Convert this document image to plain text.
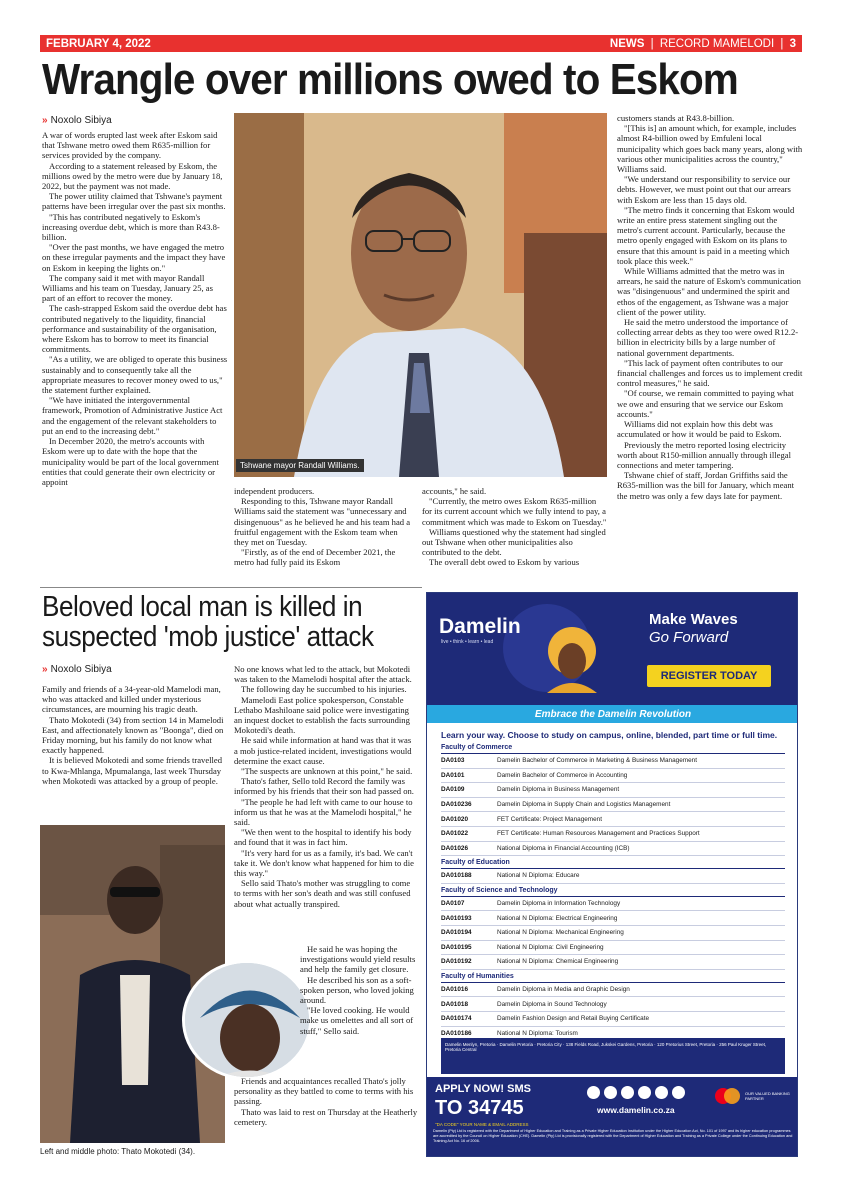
FEBRUARY 4, 2022	NEWS | RECORD MAMELODI | 3
Wrangle over millions owed to Eskom
» Noxolo Sibiya

A war of words erupted last week after Eskom said that Tshwane metro owed them R635-million for services provided by the company.

According to a statement released by Eskom, the millions owed by the metro were due by January 18, 2022, but the payment was not made.

The power utility claimed that Tshwane's payment patterns have been irregular over the past six months.

"This has contributed negatively to Eskom's increasing overdue debt, which is more than R43.8-billion.

"Over the past months, we have engaged the metro on these irregular payments and the impact they have on Eskom in keeping the lights on."

The company said it met with mayor Randall Williams and his team on Tuesday, January 25, as part of an effort to recover the money.

The cash-strapped Eskom said the overdue debt has contributed negatively to the liquidity, financial performance and sustainability of the organisation, where Eskom has to borrow to meet its financial commitments.

"As a utility, we are obliged to operate this business sustainably and to consequently take all the appropriate measures to recover money owed to us," the statement further explained.

"We have initiated the intergovernmental framework, Promotion of Administrative Justice Act and the engagement of the relevant stakeholders to put an end to the increasing debt."

In December 2020, the metro's accounts with Eskom were up to date with the hope that the municipality would be part of the local government entities that could generate their own electricity or appoint

Tshwane mayor Randall Williams.

independent producers.

Responding to this, Tshwane mayor Randall Williams said the statement was "unnecessary and disingenuous" as he believed he and his team had a fruitful engagement with the Eskom team when they met on Tuesday.

"Firstly, as of the end of December 2021, the metro had fully paid its Eskom

accounts," he said.

"Currently, the metro owes Eskom R635-million for its current account which we fully intend to pay, a commitment which was made to Eskom on Tuesday."

Williams questioned why the statement had singled out Tshwane when other municipalities also contributed to the debt.

The overall debt owed to Eskom by various

customers stands at R43.8-billion.

"[This is] an amount which, for example, includes almost R4-billion owed by Emfuleni local municipality which goes back many years, along with various other municipalities across the country," Williams said.

"We understand our responsibility to service our debts. However, we must point out that our arrears with Eskom are less than 15 days old.

"The metro finds it concerning that Eskom would write an entire press statement singling out the metro's current account. Particularly, because the metro openly engaged with Eskom on its plans to ensure that this amount is paid in a meeting which took place this week."

While Williams admitted that the metro was in arrears, he said the nature of Eskom's communication was "disingenuous" and undermined the spirit and ethos of the engagement, as Tshwane was a major client of the power utility.

He said the metro understood the importance of collecting arrear debts as they too were owed R12.2-billion in electricity bills by a large number of national government departments.

"This lack of payment often contributes to our financial challenges and forces us to implement credit control measures," he said.

"Of course, we remain committed to paying what we owe and ensuring that we service our Eskom accounts."

Williams did not explain how this debt was accumulated or how it would be paid to Eskom.

Previously the metro reported losing electricity worth about R150-million annually through illegal connections and meter tampering.

Tshwane chief of staff, Jordan Griffiths said the R635-million was the bill for January, which meant the metro was only a few days late for payment.

Beloved local man is killed in suspected 'mob justice' attack
» Noxolo Sibiya

Family and friends of a 34-year-old Mamelodi man, who was attacked and killed under mysterious circumstances, are mourning his tragic death.

Thato Mokotedi (34) from section 14 in Mamelodi East, and affectionately known as "Boonga", died on Friday morning, but his family do not know what exactly happened.

It is believed Mokotedi and some friends travelled to Kwa-Mhlanga, Mpumalanga, last week Thursday when Mokotedi was attacked by a group of people.

Left and middle photo: Thato Mokotedi (34).

No one knows what led to the attack, but Mokotedi was taken to the Mamelodi hospital after the attack.

The following day he succumbed to his injuries.

Mamelodi East police spokesperson, Constable Lethabo Mashiloane said police were investigating an inquest docket to establish the facts surrounding Mokotedi's death.

He said while information at hand was that it was a mob justice-related incident, investigations would determine the exact cause.

"The suspects are unknown at this point," he said.

Thato's father, Sello told Record the family was informed by his friends that their son had passed on.

"The people he had left with came to our house to inform us that he was at the Mamelodi hospital," he said.

"We then went to the hospital to identify his body and found that it was in fact him.

"It's very hard for us as a family, it's bad. We can't take it. We don't know what happened for him to die this way."

Sello said Thato's mother was struggling to come to terms with her son's death and was still confused about what actually transpired.

He said he was hoping the investigations would yield results and help the family get closure.

He described his son as a soft-spoken person, who loved joking around.

"He loved cooking. He would make us omelettes and all sort of stuff," Sello said.

Friends and acquaintances recalled Thato's jolly personality as they battled to come to terms with his passing.

Thato was laid to rest on Thursday at the Heatherly cemetery.

Damelin
live • think • learn • lead
Make Waves
Go Forward
REGISTER TODAY
Embrace the Damelin Revolution
Learn your way. Choose to study on campus, online, blended, part time or full time.
Faculty of Commerce
DA0103	Damelin Bachelor of Commerce in Marketing & Business Management
DA0101	Damelin Bachelor of Commerce in Accounting
DA0109	Damelin Diploma in Business Management
DA010236	Damelin Diploma in Supply Chain and Logistics Management
DA01020	FET Certificate: Project Management
DA01022	FET Certificate: Human Resources Management and Practices Support
DA01026	National Diploma in Financial Accounting (ICB)
Faculty of Education
DA010188	National N Diploma: Educare
Faculty of Science and Technology
DA0107	Damelin Diploma in Information Technology
DA010193	National N Diploma: Electrical Engineering
DA010194	National N Diploma: Mechanical Engineering
DA010195	National N Diploma: Civil Engineering
DA010192	National N Diploma: Chemical Engineering
Faculty of Humanities
DA01016	Damelin Diploma in Media and Graphic Design
DA01018	Damelin Diploma in Sound Technology
DA010174	Damelin Fashion Design and Retail Buying Certificate
DA010186	National N Diploma: Tourism
Damelin Menlyn, Pretoria · Damelin Pretoria · Pretoria City · 138 Fields Road, Jukskei Gardens, Pretoria · 120 Pretorius Street, Pretoria · 256 Paul Kruger Street, Pretoria Central
APPLY NOW! SMS
TO 34745
"DA CODE" YOUR NAME & EMAIL ADDRESS
www.damelin.co.za
OUR VALUED BANKING PARTNER
Damelin (Pty) Ltd is registered with the Department of Higher Education and Training as a Private Higher Education Institution under the Higher Education Act, No. 101 of 1997 and its higher education programmes are accredited by the Council on Higher Education (CHE). Damelin (Pty) Ltd is provisionally registered with the Department of Higher Education and Training as a Private College under the Continuing Education and Training Act No. 16 of 2006.
